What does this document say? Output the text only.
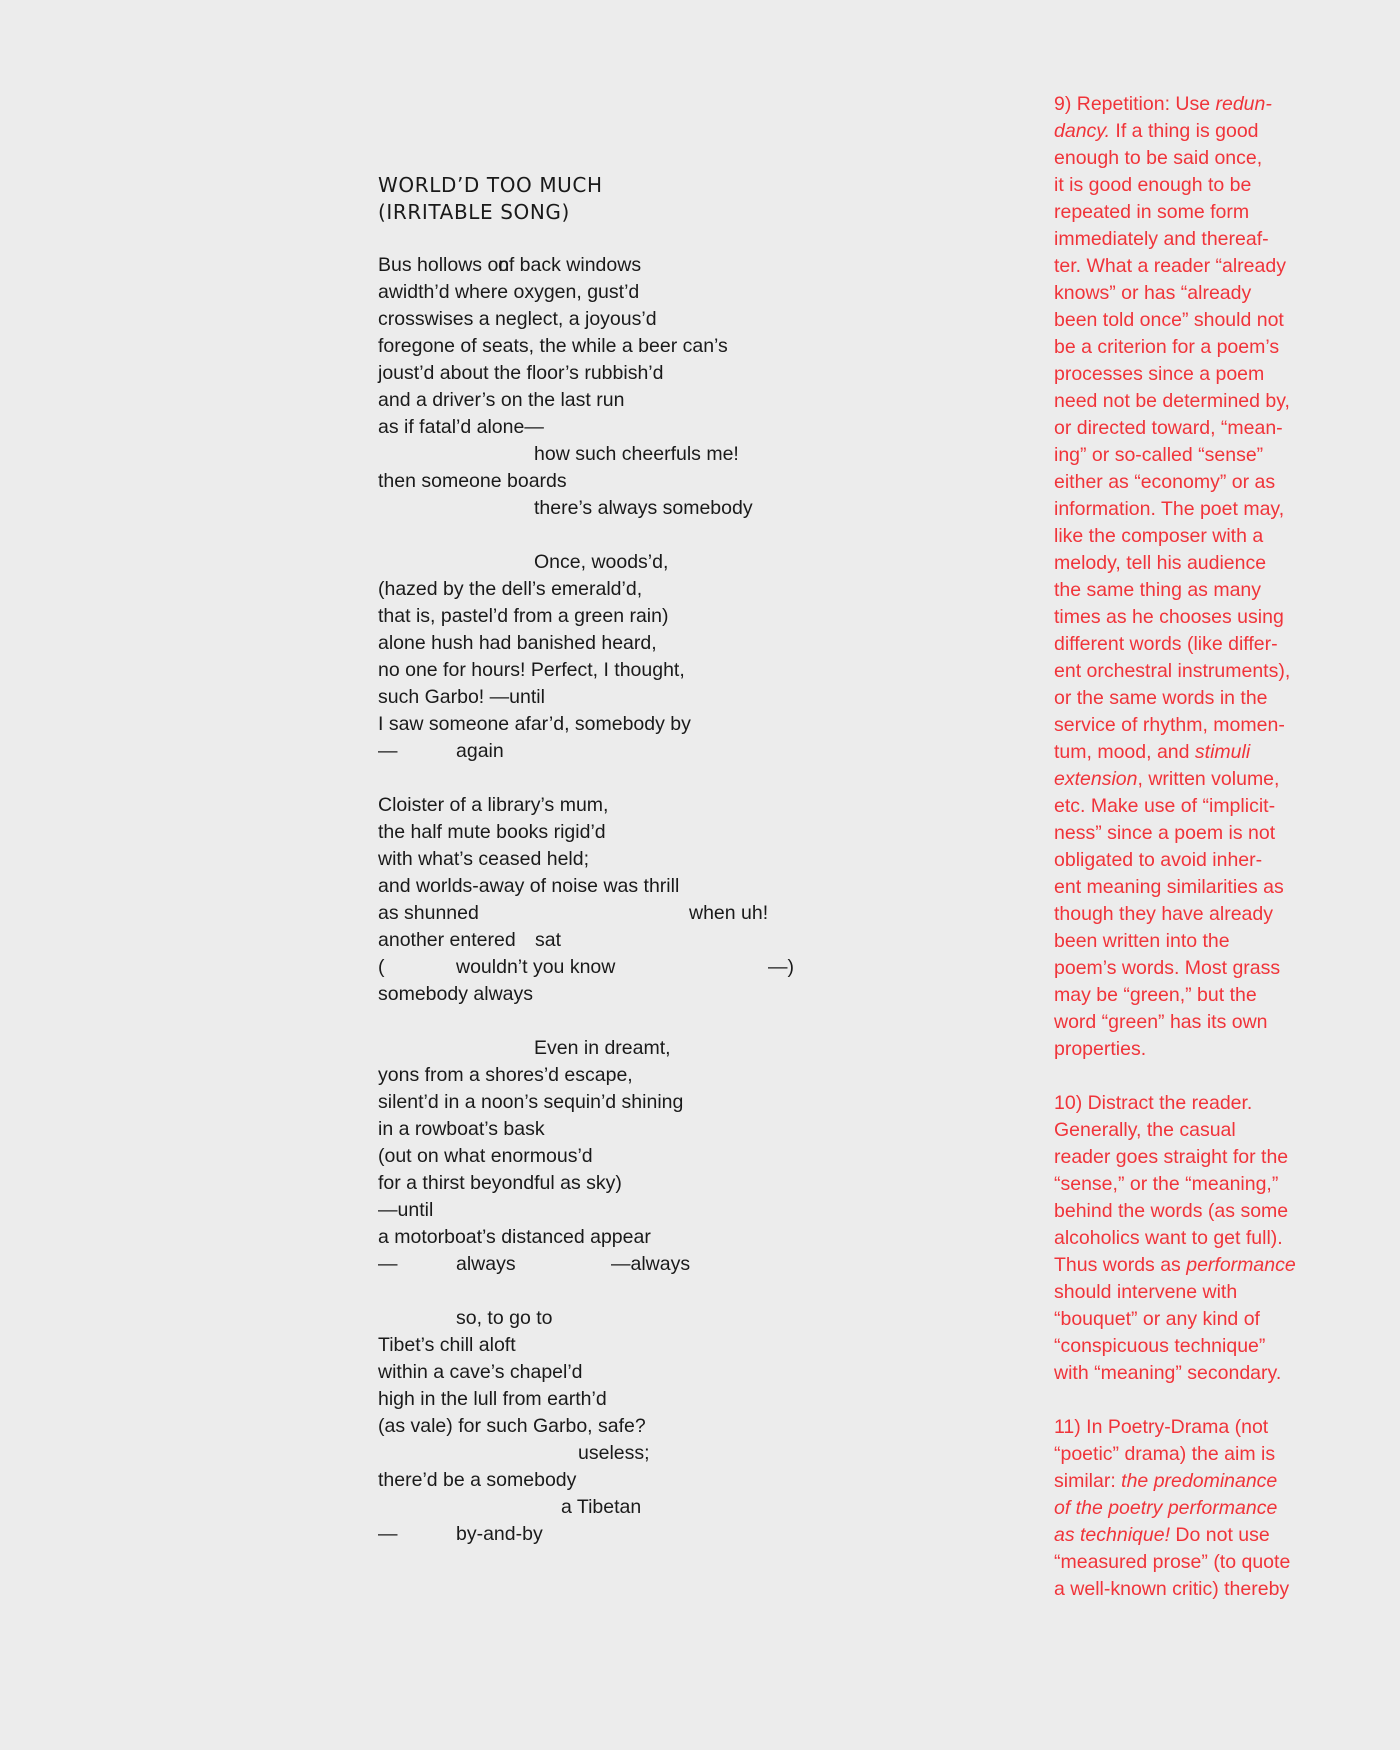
WORLD’D TOO MUCH
(IRRITABLE SONG)
Bus hollows on
of back windows
awidth’d where oxygen, gust’d
crosswises a neglect, a joyous’d
foregone of seats, the while a beer can’s
joust’d about the floor’s rubbish’d
and a driver’s on the last run
as if fatal’d alone—
how such cheerfuls me!
then someone boards
there’s always somebody
Once, woods’d,
(hazed by the dell’s emerald’d,
that is, pastel’d from a green rain)
alone hush had banished heard,
no one for hours! Perfect, I thought,
such Garbo! —until
I saw someone afar’d, somebody by
—	again
Cloister of a library’s mum,
the half mute books rigid’d
with what’s ceased held;
and worlds-away of noise was thrill
as shunned	when uh!
another entered sat
(	wouldn’t you know	—)
somebody always
Even in dreamt,
yons from a shores’d escape,
silent’d in a noon’s sequin’d shining
in a rowboat’s bask
(out on what enormous’d
for a thirst beyondful as sky)
—until
a motorboat’s distanced appear
—	always	—always
so, to go to
Tibet’s chill aloft
within a cave’s chapel’d
high in the lull from earth’d
(as vale) for such Garbo, safe?
useless;
there’d be a somebody
a Tibetan
—	by-and-by
9) Repetition: Use redun-
dancy. If a thing is good
enough to be said once,
it is good enough to be
repeated in some form
immediately and thereaf-
ter. What a reader “already
knows” or has “already
been told once” should not
be a criterion for a poem’s
processes since a poem
need not be determined by,
or directed toward, “mean-
ing” or so-called “sense”
either as “economy” or as
information. The poet may,
like the composer with a
melody, tell his audience
the same thing as many
times as he chooses using
different words (like differ-
ent orchestral instruments),
or the same words in the
service of rhythm, momen-
tum, mood, and stimuli
extension, written volume,
etc. Make use of “implicit-
ness” since a poem is not
obligated to avoid inher-
ent meaning similarities as
though they have already
been written into the
poem’s words. Most grass
may be “green,” but the
word “green” has its own
properties.
10) Distract the reader.
Generally, the casual
reader goes straight for the
“sense,” or the “meaning,”
behind the words (as some
alcoholics want to get full).
Thus words as performance
should intervene with
“bouquet” or any kind of
“conspicuous technique”
with “meaning” secondary.
11) In Poetry-Drama (not
“poetic” drama) the aim is
similar: the predominance
of the poetry performance
as technique! Do not use
“measured prose” (to quote
a well-known critic) thereby
